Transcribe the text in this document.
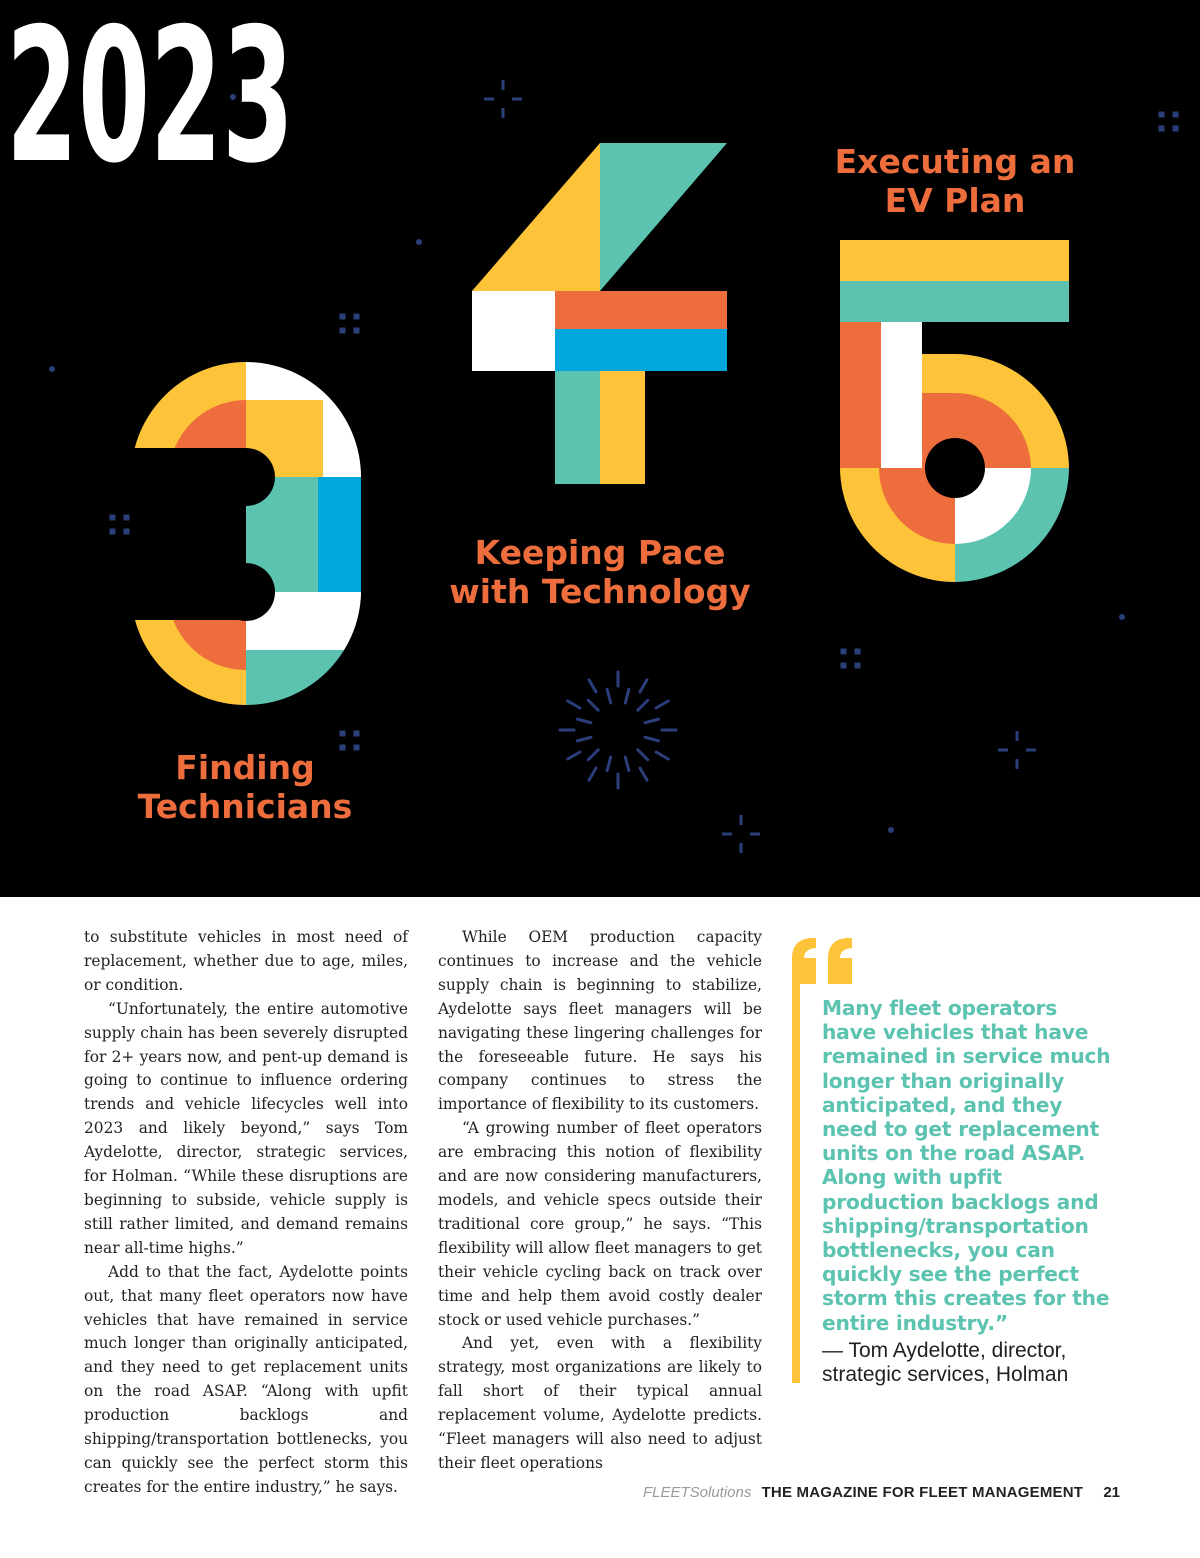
2023
Finding
Technicians
Keeping Pace
with Technology
Executing an
EV Plan

to substitute vehicles in most need of replacement, whether due to age, miles, or condition.

“Unfortunately, the entire automotive supply chain has been severely disrupted for 2+ years now, and pent-up demand is going to continue to influence ordering trends and vehicle lifecycles well into 2023 and likely beyond,” says Tom Aydelotte, director, strategic services, for Holman. “While these disruptions are beginning to subside, vehicle supply is still rather limited, and demand remains near all-time highs.”

Add to that the fact, Aydelotte points out, that many fleet operators now have vehicles that have remained in service much longer than originally anticipated, and they need to get replacement units on the road ASAP. “Along with upfit production backlogs and shipping/transportation bottlenecks, you can quickly see the perfect storm this creates for the entire industry,” he says.

While OEM production capacity continues to increase and the vehicle supply chain is beginning to stabilize, Aydelotte says fleet managers will be navigating these lingering challenges for the foreseeable future. He says his company continues to stress the importance of flexibility to its customers.

“A growing number of fleet operators are embracing this notion of flexibility and are now considering manufacturers, models, and vehicle specs outside their traditional core group,” he says. “This flexibility will allow fleet managers to get their vehicle cycling back on track over time and help them avoid costly dealer stock or used vehicle purchases.”

And yet, even with a flexibility strategy, most organizations are likely to fall short of their typical annual replacement volume, Aydelotte predicts. “Fleet managers will also need to adjust their fleet operations

Many fleet operators have vehicles that have remained in service much longer than originally anticipated, and they need to get replacement units on the road ASAP. Along with upfit production backlogs and shipping/transportation bottlenecks, you can quickly see the perfect storm this creates for the entire industry.”

— Tom Aydelotte, director,
strategic services, Holman
FLEETSolutions THE MAGAZINE FOR FLEET MANAGEMENT 21
